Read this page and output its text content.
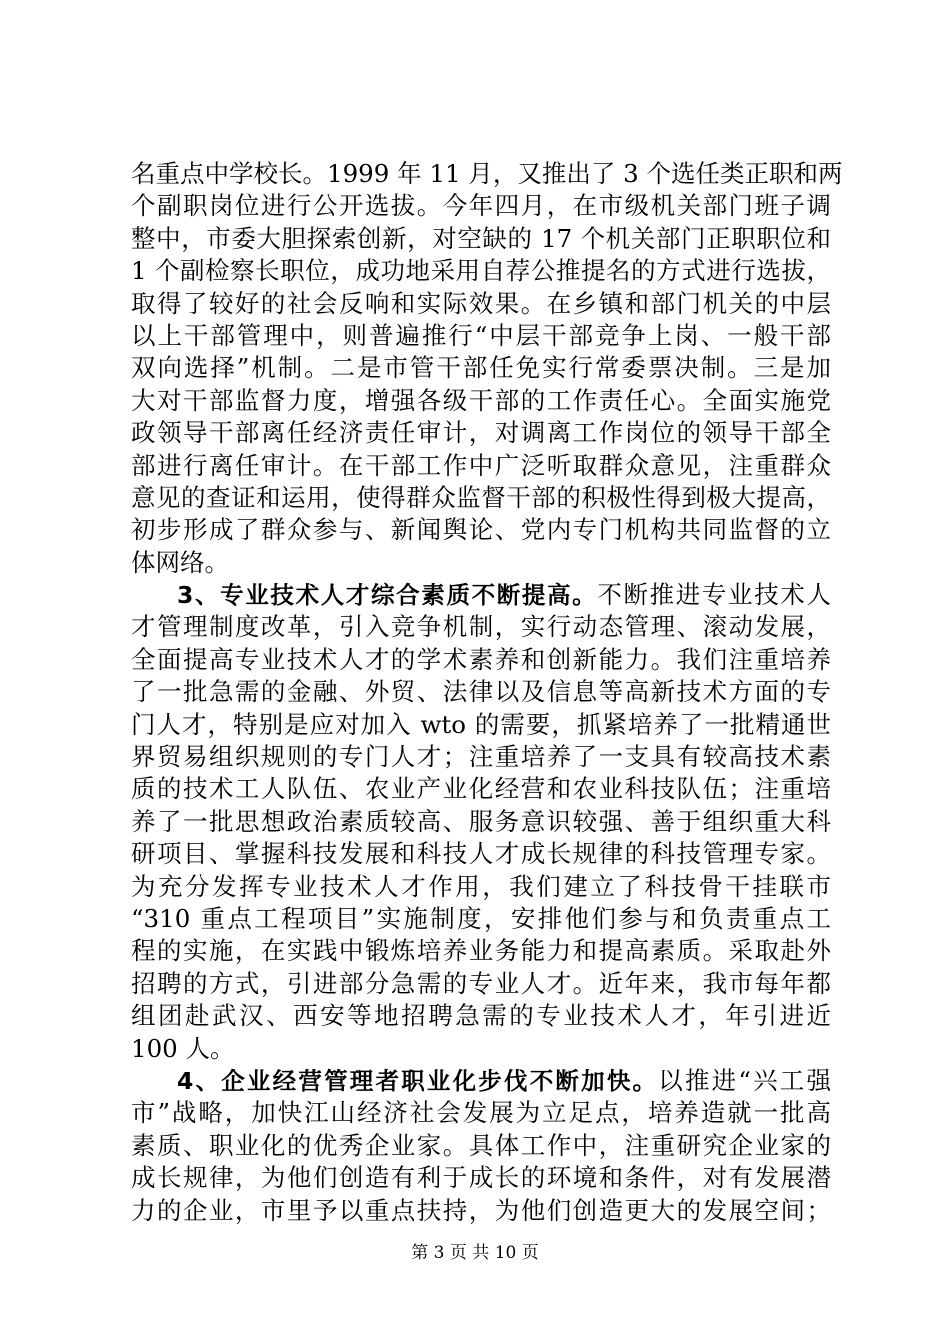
名重点中学校长。1999 年 11 月，又推出了 3 个选任类正职和两
个副职岗位进行公开选拔。今年四月，在市级机关部门班子调
整中，市委大胆探索创新，对空缺的 17 个机关部门正职职位和
1 个副检察长职位，成功地采用自荐公推提名的方式进行选拔，
取得了较好的社会反响和实际效果。在乡镇和部门机关的中层
以上干部管理中，则普遍推行“中层干部竞争上岗、一般干部
双向选择”机制。二是市管干部任免实行常委票决制。三是加
大对干部监督力度，增强各级干部的工作责任心。全面实施党
政领导干部离任经济责任审计，对调离工作岗位的领导干部全
部进行离任审计。在干部工作中广泛听取群众意见，注重群众
意见的查证和运用，使得群众监督干部的积极性得到极大提高，
初步形成了群众参与、新闻舆论、党内专门机构共同监督的立
体网络。
3、专业技术人才综合素质不断提高。不断推进专业技术人
才管理制度改革，引入竞争机制，实行动态管理、滚动发展，
全面提高专业技术人才的学术素养和创新能力。我们注重培养
了一批急需的金融、外贸、法律以及信息等高新技术方面的专
门人才，特别是应对加入 wto 的需要，抓紧培养了一批精通世
界贸易组织规则的专门人才；注重培养了一支具有较高技术素
质的技术工人队伍、农业产业化经营和农业科技队伍；注重培
养了一批思想政治素质较高、服务意识较强、善于组织重大科
研项目、掌握科技发展和科技人才成长规律的科技管理专家。
为充分发挥专业技术人才作用，我们建立了科技骨干挂联市
“310 重点工程项目”实施制度，安排他们参与和负责重点工
程的实施，在实践中锻炼培养业务能力和提高素质。采取赴外
招聘的方式，引进部分急需的专业人才。近年来，我市每年都
组团赴武汉、西安等地招聘急需的专业技术人才，年引进近
100 人。
4、企业经营管理者职业化步伐不断加快。以推进“兴工强
市”战略，加快江山经济社会发展为立足点，培养造就一批高
素质、职业化的优秀企业家。具体工作中，注重研究企业家的
成长规律，为他们创造有利于成长的环境和条件，对有发展潜
力的企业，市里予以重点扶持，为他们创造更大的发展空间；
第 3 页 共 10 页
